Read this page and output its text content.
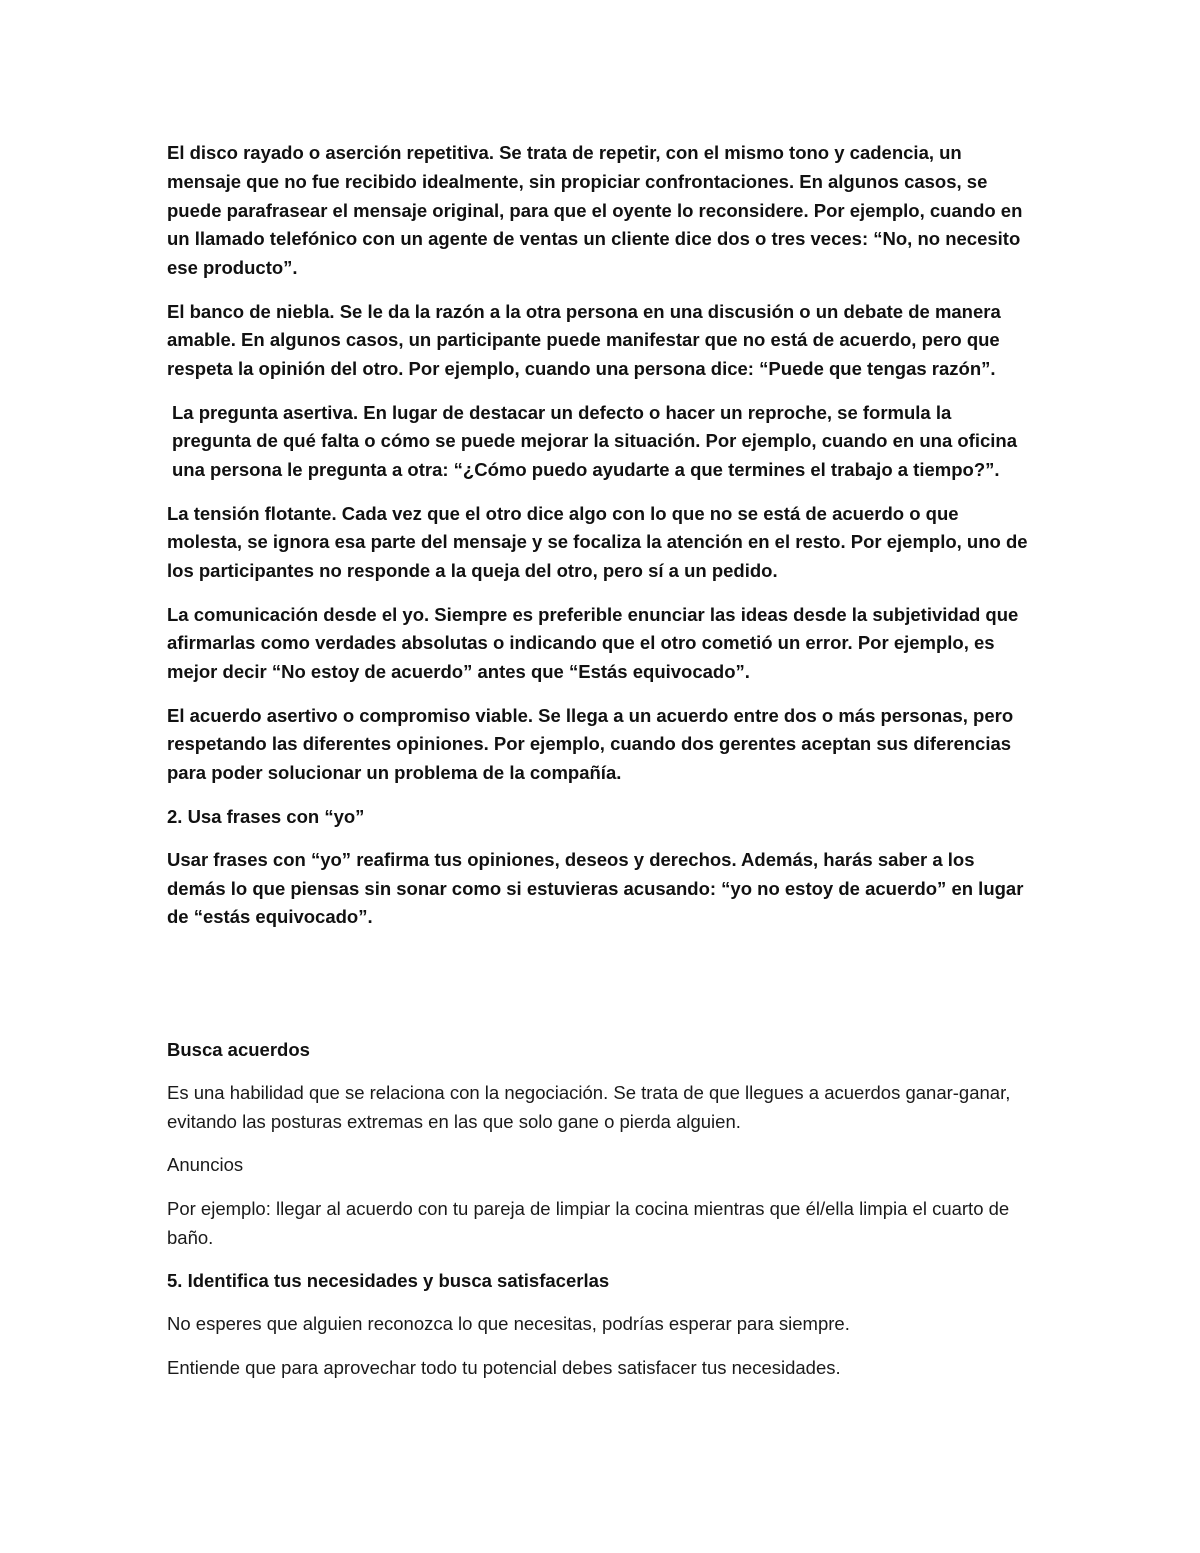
El disco rayado o aserción repetitiva. Se trata de repetir, con el mismo tono y cadencia, un mensaje que no fue recibido idealmente, sin propiciar confrontaciones. En algunos casos, se puede parafrasear el mensaje original, para que el oyente lo reconsidere. Por ejemplo, cuando en un llamado telefónico con un agente de ventas un cliente dice dos o tres veces: “No, no necesito ese producto”.

El banco de niebla. Se le da la razón a la otra persona en una discusión o un debate de manera amable. En algunos casos, un participante puede manifestar que no está de acuerdo, pero que respeta la opinión del otro. Por ejemplo, cuando una persona dice: “Puede que tengas razón”.

La pregunta asertiva. En lugar de destacar un defecto o hacer un reproche, se formula la pregunta de qué falta o cómo se puede mejorar la situación. Por ejemplo, cuando en una oficina una persona le pregunta a otra: “¿Cómo puedo ayudarte a que termines el trabajo a tiempo?”.

La tensión flotante. Cada vez que el otro dice algo con lo que no se está de acuerdo o que molesta, se ignora esa parte del mensaje y se focaliza la atención en el resto. Por ejemplo, uno de los participantes no responde a la queja del otro, pero sí a un pedido.

La comunicación desde el yo. Siempre es preferible enunciar las ideas desde la subjetividad que afirmarlas como verdades absolutas o indicando que el otro cometió un error. Por ejemplo, es mejor decir “No estoy de acuerdo” antes que “Estás equivocado”.

El acuerdo asertivo o compromiso viable. Se llega a un acuerdo entre dos o más personas, pero respetando las diferentes opiniones. Por ejemplo, cuando dos gerentes aceptan sus diferencias para poder solucionar un problema de la compañía.

2. Usa frases con “yo”

Usar frases con “yo” reafirma tus opiniones, deseos y derechos. Además, harás saber a los demás lo que piensas sin sonar como si estuvieras acusando: “yo no estoy de acuerdo” en lugar de “estás equivocado”.

Busca acuerdos

Es una habilidad que se relaciona con la negociación. Se trata de que llegues a acuerdos ganar-ganar, evitando las posturas extremas en las que solo gane o pierda alguien.

Anuncios

Por ejemplo: llegar al acuerdo con tu pareja de limpiar la cocina mientras que él/ella limpia el cuarto de baño.

5. Identifica tus necesidades y busca satisfacerlas

No esperes que alguien reconozca lo que necesitas, podrías esperar para siempre.

Entiende que para aprovechar todo tu potencial debes satisfacer tus necesidades.
